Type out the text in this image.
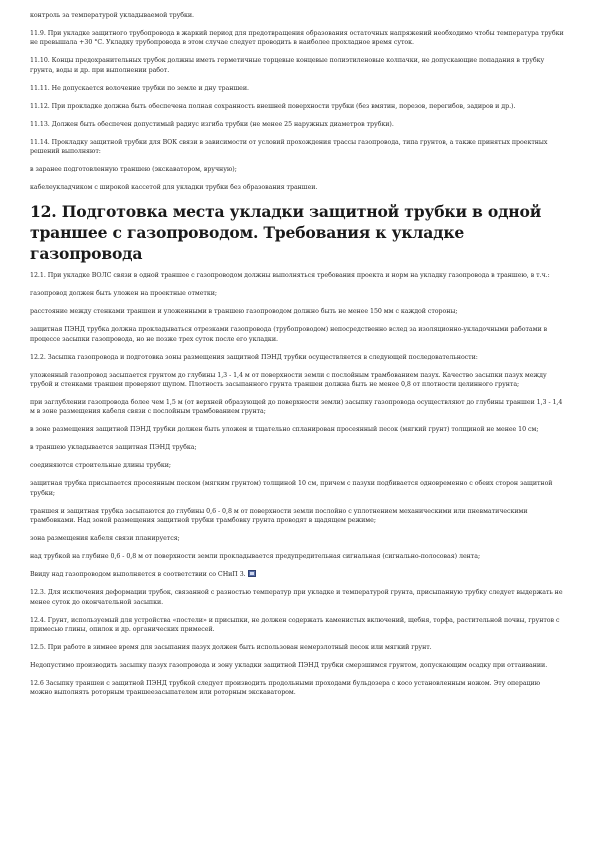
контроль за температурой укладываемой трубки.

11.9. При укладке защитного трубопровода в жаркий период для предотвращения образования остаточных напряжений необходимо чтобы температура трубки не превышала +30 °С. Укладку трубопровода в этом случае следует проводить в наиболее прохладное время суток.

11.10. Концы предохранительных трубок должны иметь герметичные торцевые концевые полиэтиленовые колпачки, не допускающие попадания в трубку грунта, воды и др. при выполнении работ.

11.11. Не допускается волочение трубки по земле и дну траншеи.

11.12. При прокладке должна быть обеспечена полная сохранность внешней поверхности трубки (без вмятин, порезов, перегибов, задиров и др.).

11.13. Должен быть обеспечен допустимый радиус изгиба трубки (не менее 25 наружных диаметров трубки).

11.14. Прокладку защитной трубки для ВОК связи в зависимости от условий прохождения трассы газопровода, типа грунтов, а также принятых проектных решений выполняют:

в заранее подготовленную траншею (экскаватором, вручную);

кабелеукладчиком с широкой кассетой для укладки трубки без образования траншеи.

12. Подготовка места укладки защитной трубки в одной траншее с газопроводом. Требования к укладке газопровода

12.1. При укладке ВОЛС связи в одной траншее с газопроводом должны выполняться требования проекта и норм на укладку газопровода в траншею, в т.ч.:

газопровод должен быть уложен на проектные отметки;

расстояние между стенками траншеи и уложенными в траншею газопроводом должно быть не менее 150 мм с каждой стороны;

защитная ПЭНД трубка должна прокладываться отрезками газопровода (трубопроводом) непосредственно вслед за изоляционно-укладочными работами в процессе засыпки газопровода, но не позже трех суток после его укладки.

12.2. Засыпка газопровода и подготовка зоны размещения защитной ПЭНД трубки осуществляется в следующей последовательности:

уложенный газопровод засыпается грунтом до глубины 1,3 - 1,4 м от поверхности земли с послойным трамбованием пазух. Качество засыпки пазух между трубой и стенками траншеи проверяют щупом. Плотность засыпанного грунта траншеи должна быть не менее 0,8 от плотности целинного грунта;

при заглублении газопровода более чем 1,5 м (от верхней образующей до поверхности земли) засыпку газопровода осуществляют до глубины траншеи 1,3 - 1,4 м в зоне размещения кабеля связи с послойным трамбованием грунта;

в зоне размещения защитной ПЭНД трубки должен быть уложен и тщательно спланирован просеянный песок (мягкий грунт) толщиной не менее 10 см;

в траншею укладывается защитная ПЭНД трубка;

соединяются строительные длины трубки;

защитная трубка присыпается просеянным песком (мягким грунтом) толщиной 10 см, причем с пазухи подбивается одновременно с обеих сторон защитной трубки;

траншея и защитная трубка засыпаются до глубины 0,6 - 0,8 м от поверхности земли послойно с уплотнением механическими или пневматическими трамбовками. Над зоной размещения защитной трубки трамбовку грунта проводят в щадящем режиме;

зона размещения кабеля связи планируется;

над трубкой на глубине 0,6 - 0,8 м от поверхности земли прокладывается предупредительная сигнальная (сигнально-полосовая) лента;

Ввиду над газопроводом выполняется в соответствии со СНиП 3.

12.3. Для исключения деформации трубок, связанной с разностью температур при укладке и температурой грунта, присыпанную трубку следует выдержать не менее суток до окончательной засыпки.

12.4. Грунт, используемый для устройства «постели» и присыпки, не должен содержать каменистых включений, щебня, торфа, растительной почвы, грунтов с примесью глины, опилок и др. органических примесей.

12.5. При работе в зимнее время для засыпания пазух должен быть использован немерзлотный песок или мягкий грунт.

Недопустимо производить засыпку пазух газопровода и зону укладки защитной ПЭНД трубки смерзшимся грунтом, допускающим осадку при оттаивании.

12.6 Засыпку траншеи с защитной ПЭНД трубкой следует производить продольными проходами бульдозера с косо установленным ножом. Эту операцию можно выполнять роторным траншеезасыпателем или роторным экскаватором.
